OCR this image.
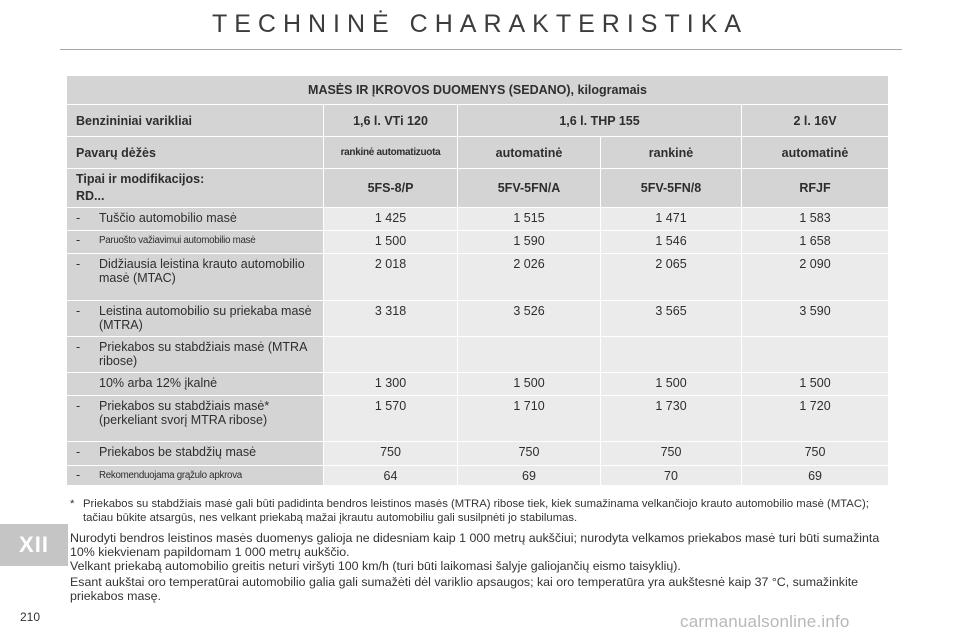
TECHNINĖ CHARAKTERISTIKA
MASĖS IR ĮKROVOS DUOMENYS (SEDANO), kilogramais				
Benzininiai varikliai	1,6 l. VTi 120	1,6 l. THP 155		2 l. 16V
Pavarų dėžės	rankinė automatizuota	automatinė	rankinė	automatinė
Tipai ir modifikacijos:
RD...	5FS-8/P	5FV-5FN/A	5FV-5FN/8	RFJF

- Tuščio automobilio masė	1 425	1 515	1 471	1 583

- Paruošto važiavimui automobilio masė	1 500	1 590	1 546	1 658

- Didžiausia leistina krauto automobilio masė (MTAC)	2 018	2 026	2 065	2 090

- Leistina automobilio su priekaba masė (MTRA)	3 318	3 526	3 565	3 590

- Priekabos su stabdžiais masė (MTRA ribose)				

10% arba 12% įkalnė	1 300	1 500	1 500	1 500

- Priekabos su stabdžiais masė* (perkeliant svorį MTRA ribose)	1 570	1 710	1 730	1 720

- Priekabos be stabdžių masė	750	750	750	750

- Rekomenduojama grąžulo apkrova	64	69	70	69
* Priekabos su stabdžiais masė gali būti padidinta bendros leistinos masės (MTRA) ribose tiek, kiek sumažinama velkančiojo krauto automobilio masė (MTAC); tačiau būkite atsargūs, nes velkant priekabą mažai įkrautu automobiliu gali susilpnėti jo stabilumas.
Nurodyti bendros leistinos masės duomenys galioja ne didesniam kaip 1 000 metrų aukščiui; nurodyta velkamos priekabos masė turi būti sumažinta 10% kiekvienam papildomam 1 000 metrų aukščio.
Velkant priekabą automobilio greitis neturi viršyti 100 km/h (turi būti laikomasi šalyje galiojančių eismo taisyklių).
Esant aukštai oro temperatūrai automobilio galia gali sumažėti dėl variklio apsaugos; kai oro temperatūra yra aukštesnė kaip 37 °C, sumažinkite priekabos masę.
XII
210	carmanualsonline.info
